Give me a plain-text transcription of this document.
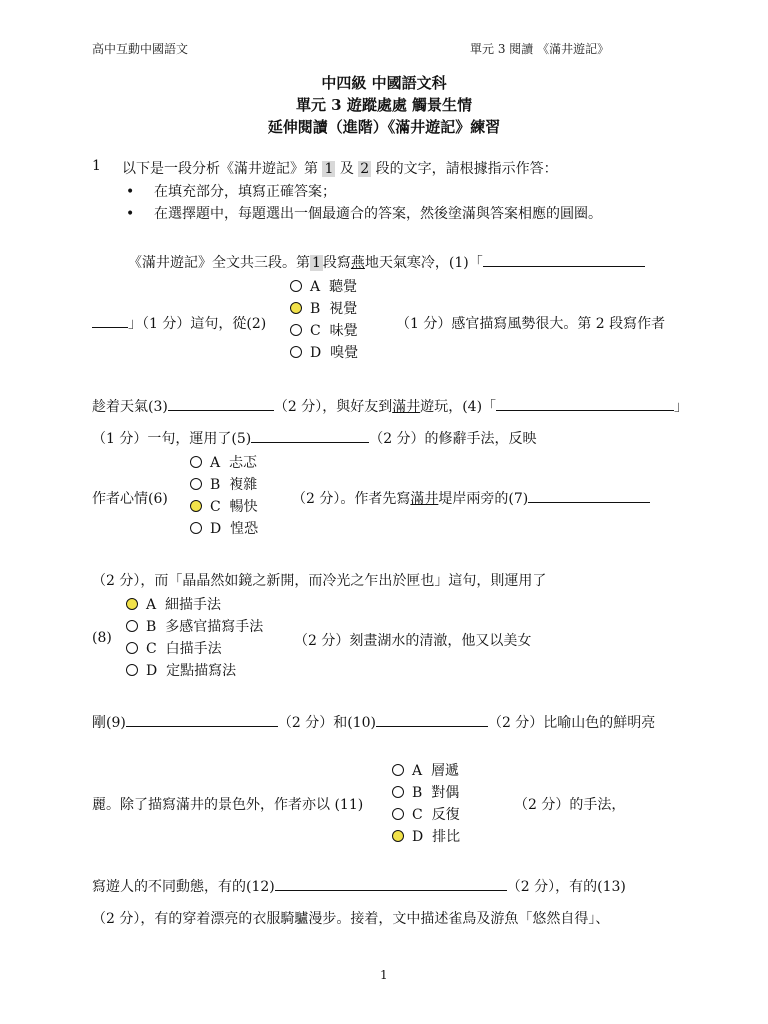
高中互動中國語文	單元 3 閱讀 《滿井遊記》
中四級 中國語文科
單元 3 遊蹤處處 觸景生情
延伸閱讀（進階）《滿井遊記》練習
1 以下是一段分析《滿井遊記》第 1 及 2 段的文字，請根據指示作答：
• 在填充部分，填寫正確答案；
• 在選擇題中，每題選出一個最適合的答案，然後塗滿與答案相應的圓圈。
《滿井遊記》全文共三段。第 1 段寫燕地天氣寒冷，(1)「
A 聽覺
B 視覺
C 味覺
D 嗅覺
」（1 分）這句，從(2)	（1 分）感官描寫風勢很大。第 2 段寫作者
趁着天氣(3)	（2 分），與好友到滿井遊玩，(4)「	」
（1 分）一句，運用了(5)	（2 分）的修辭手法，反映
A 忐忑
B 複雜
C 暢快
D 惶恐
作者心情(6)	（2 分）。作者先寫滿井堤岸兩旁的(7)
（2 分），而「晶晶然如鏡之新開，而冷光之乍出於匣也」這句，則運用了
A 細描手法
B 多感官描寫手法
C 白描手法
D 定點描寫法
(8)	（2 分）刻畫湖水的清澈，他又以美女
剛(9)	（2 分）和(10)	（2 分）比喻山色的鮮明亮
A 層遞
B 對偶
C 反復
D 排比
麗。除了描寫滿井的景色外，作者亦以 (11)	（2 分）的手法，
寫遊人的不同動態，有的(12)	（2 分），有的(13)
（2 分），有的穿着漂亮的衣服騎驢漫步。接着，文中描述雀鳥及游魚「悠然自得」、
1
